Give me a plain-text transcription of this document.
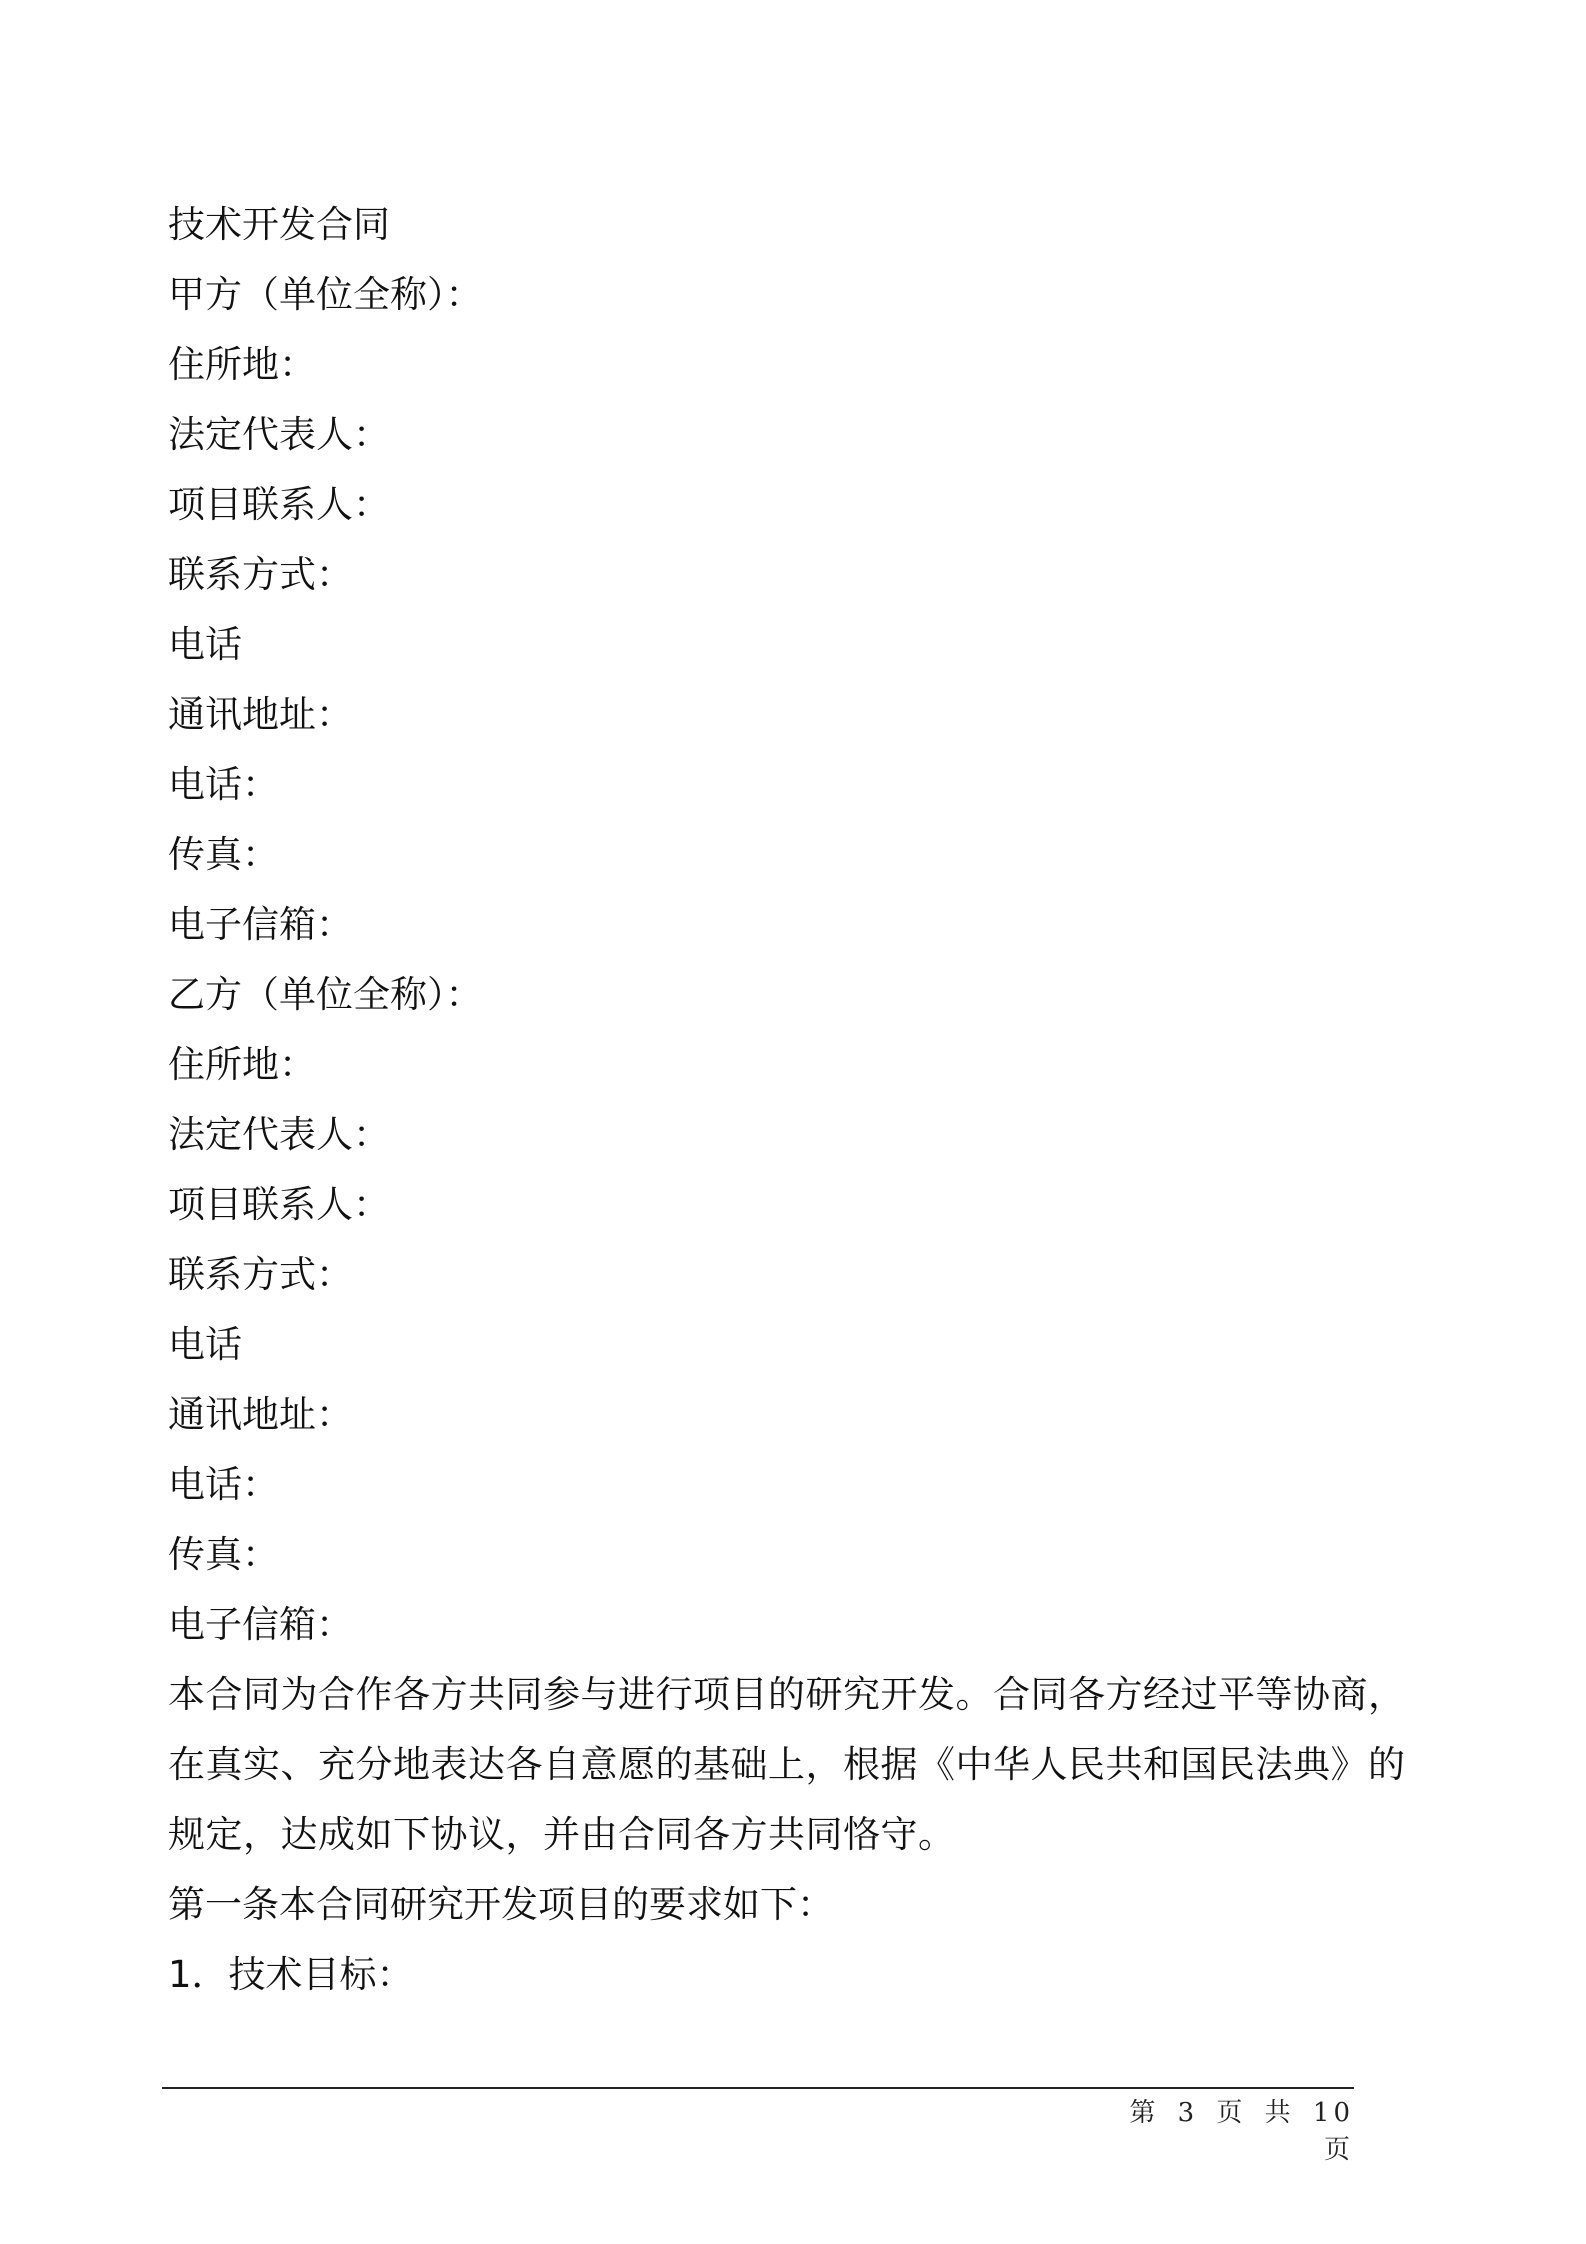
技术开发合同
甲方（单位全称）：
住所地：
法定代表人：
项目联系人：
联系方式：
电话
通讯地址：
电话：
传真：
电子信箱：
乙方（单位全称）：
住所地：
法定代表人：
项目联系人：
联系方式：
电话
通讯地址：
电话：
传真：
电子信箱：
本合同为合作各方共同参与进行项目的研究开发。合同各方经过平等协商，在真实、充分地表达各自意愿的基础上，根据《中华人民共和国民法典》的规定，达成如下协议，并由合同各方共同恪守。
第一条本合同研究开发项目的要求如下：
1．技术目标：
第 3 页 共 10 页
